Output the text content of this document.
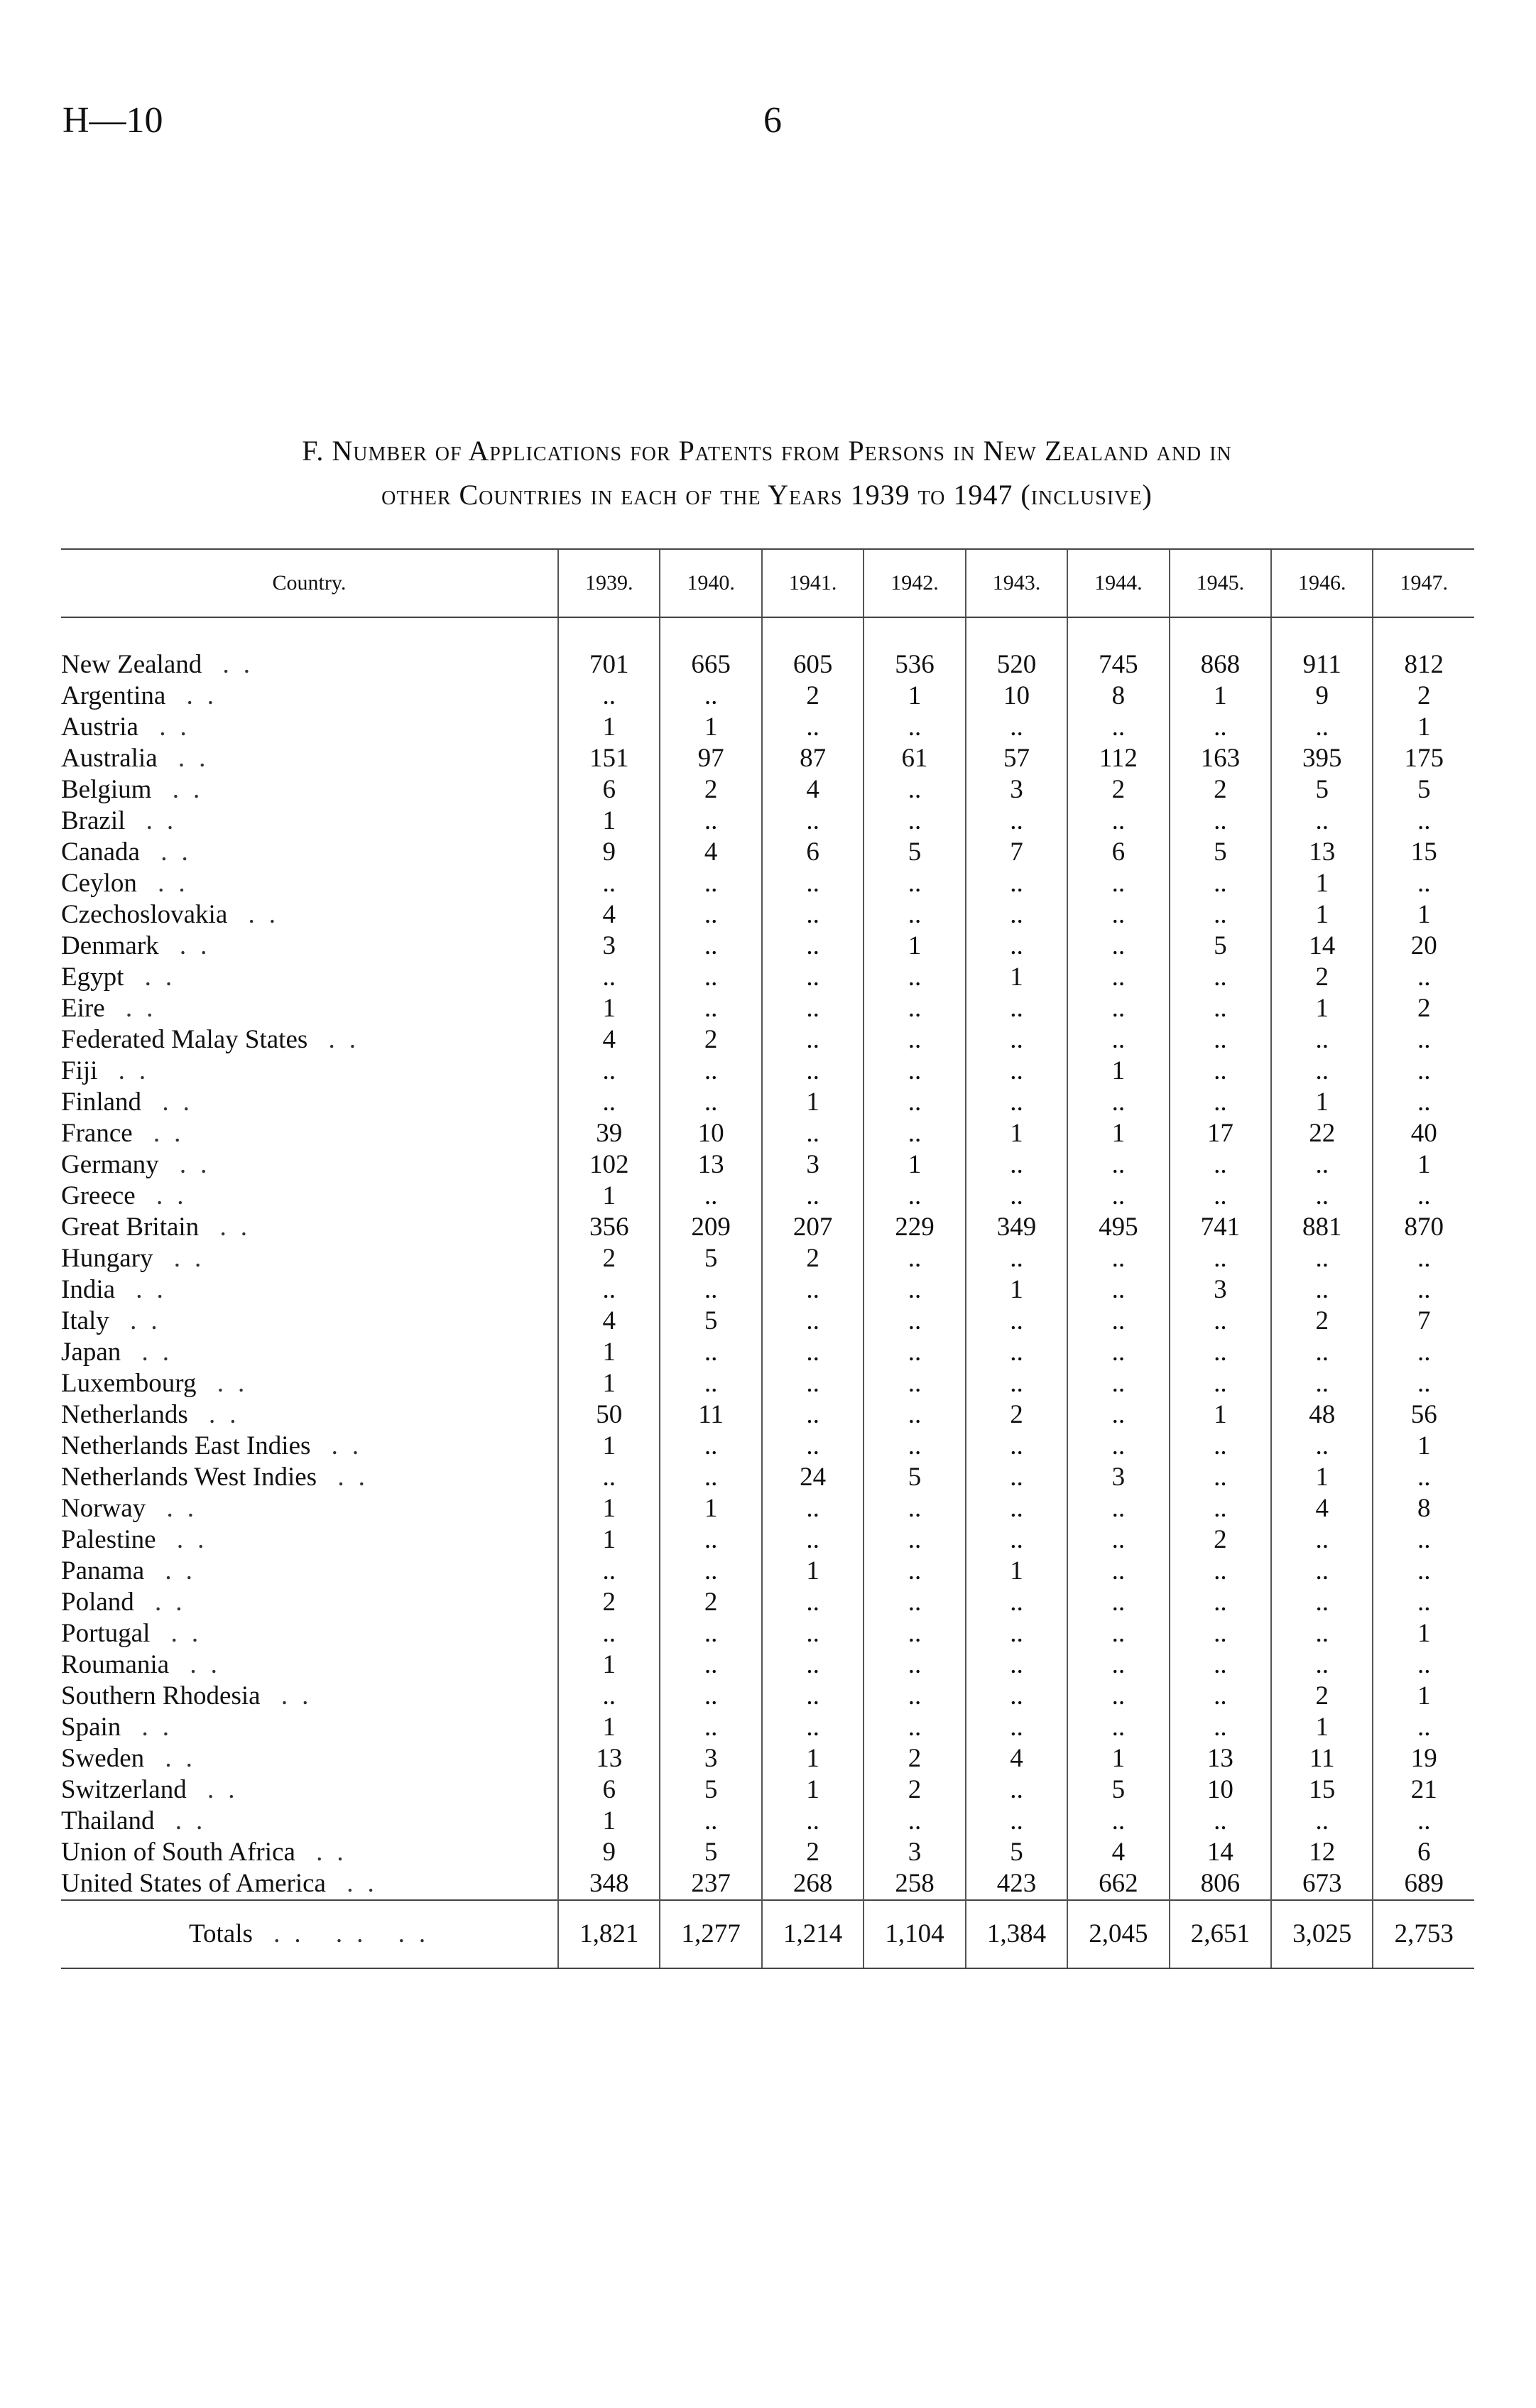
H—10	6
F. Number of Applications for Patents from Persons in New Zealand and in
other Countries in each of the Years 1939 to 1947 (inclusive)
Country.	1939.	1940.	1941.	1942.	1943.	1944.	1945.	1946.	1947.
New Zealand ..	701	665	605	536	520	745	868	911	812
Argentina ..	..	..	2	1	10	8	1	9	2
Austria ..	1	1	..	..	..	..	..	..	1
Australia ..	151	97	87	61	57	112	163	395	175
Belgium ..	6	2	4	..	3	2	2	5	5
Brazil ..	1	..	..	..	..	..	..	..	..
Canada ..	9	4	6	5	7	6	5	13	15
Ceylon ..	..	..	..	..	..	..	..	1	..
Czechoslovakia ..	4	..	..	..	..	..	..	1	1
Denmark ..	3	..	..	1	..	..	5	14	20
Egypt ..	..	..	..	..	1	..	..	2	..
Eire ..	1	..	..	..	..	..	..	1	2
Federated Malay States ..	4	2	..	..	..	..	..	..	..
Fiji ..	..	..	..	..	..	1	..	..	..
Finland ..	..	..	1	..	..	..	..	1	..
France ..	39	10	..	..	1	1	17	22	40
Germany ..	102	13	3	1	..	..	..	..	1
Greece ..	1	..	..	..	..	..	..	..	..
Great Britain ..	356	209	207	229	349	495	741	881	870
Hungary ..	2	5	2	..	..	..	..	..	..
India ..	..	..	..	..	1	..	3	..	..
Italy ..	4	5	..	..	..	..	..	2	7
Japan ..	1	..	..	..	..	..	..	..	..
Luxembourg ..	1	..	..	..	..	..	..	..	..
Netherlands ..	50	11	..	..	2	..	1	48	56
Netherlands East Indies ..	1	..	..	..	..	..	..	..	1
Netherlands West Indies ..	..	..	24	5	..	3	..	1	..
Norway ..	1	1	..	..	..	..	..	4	8
Palestine ..	1	..	..	..	..	..	2	..	..
Panama ..	..	..	1	..	1	..	..	..	..
Poland ..	2	2	..	..	..	..	..	..	..
Portugal ..	..	..	..	..	..	..	..	..	1
Roumania ..	1	..	..	..	..	..	..	..	..
Southern Rhodesia ..	..	..	..	..	..	..	..	2	1
Spain ..	1	..	..	..	..	..	..	1	..
Sweden ..	13	3	1	2	4	1	13	11	19
Switzerland ..	6	5	1	2	..	5	10	15	21
Thailand ..	1	..	..	..	..	..	..	..	..
Union of South Africa ..	9	5	2	3	5	4	14	12	6
United States of America ..	348	237	268	258	423	662	806	673	689
Totals .. .. ..	1,821	1,277	1,214	1,104	1,384	2,045	2,651	3,025	2,753
